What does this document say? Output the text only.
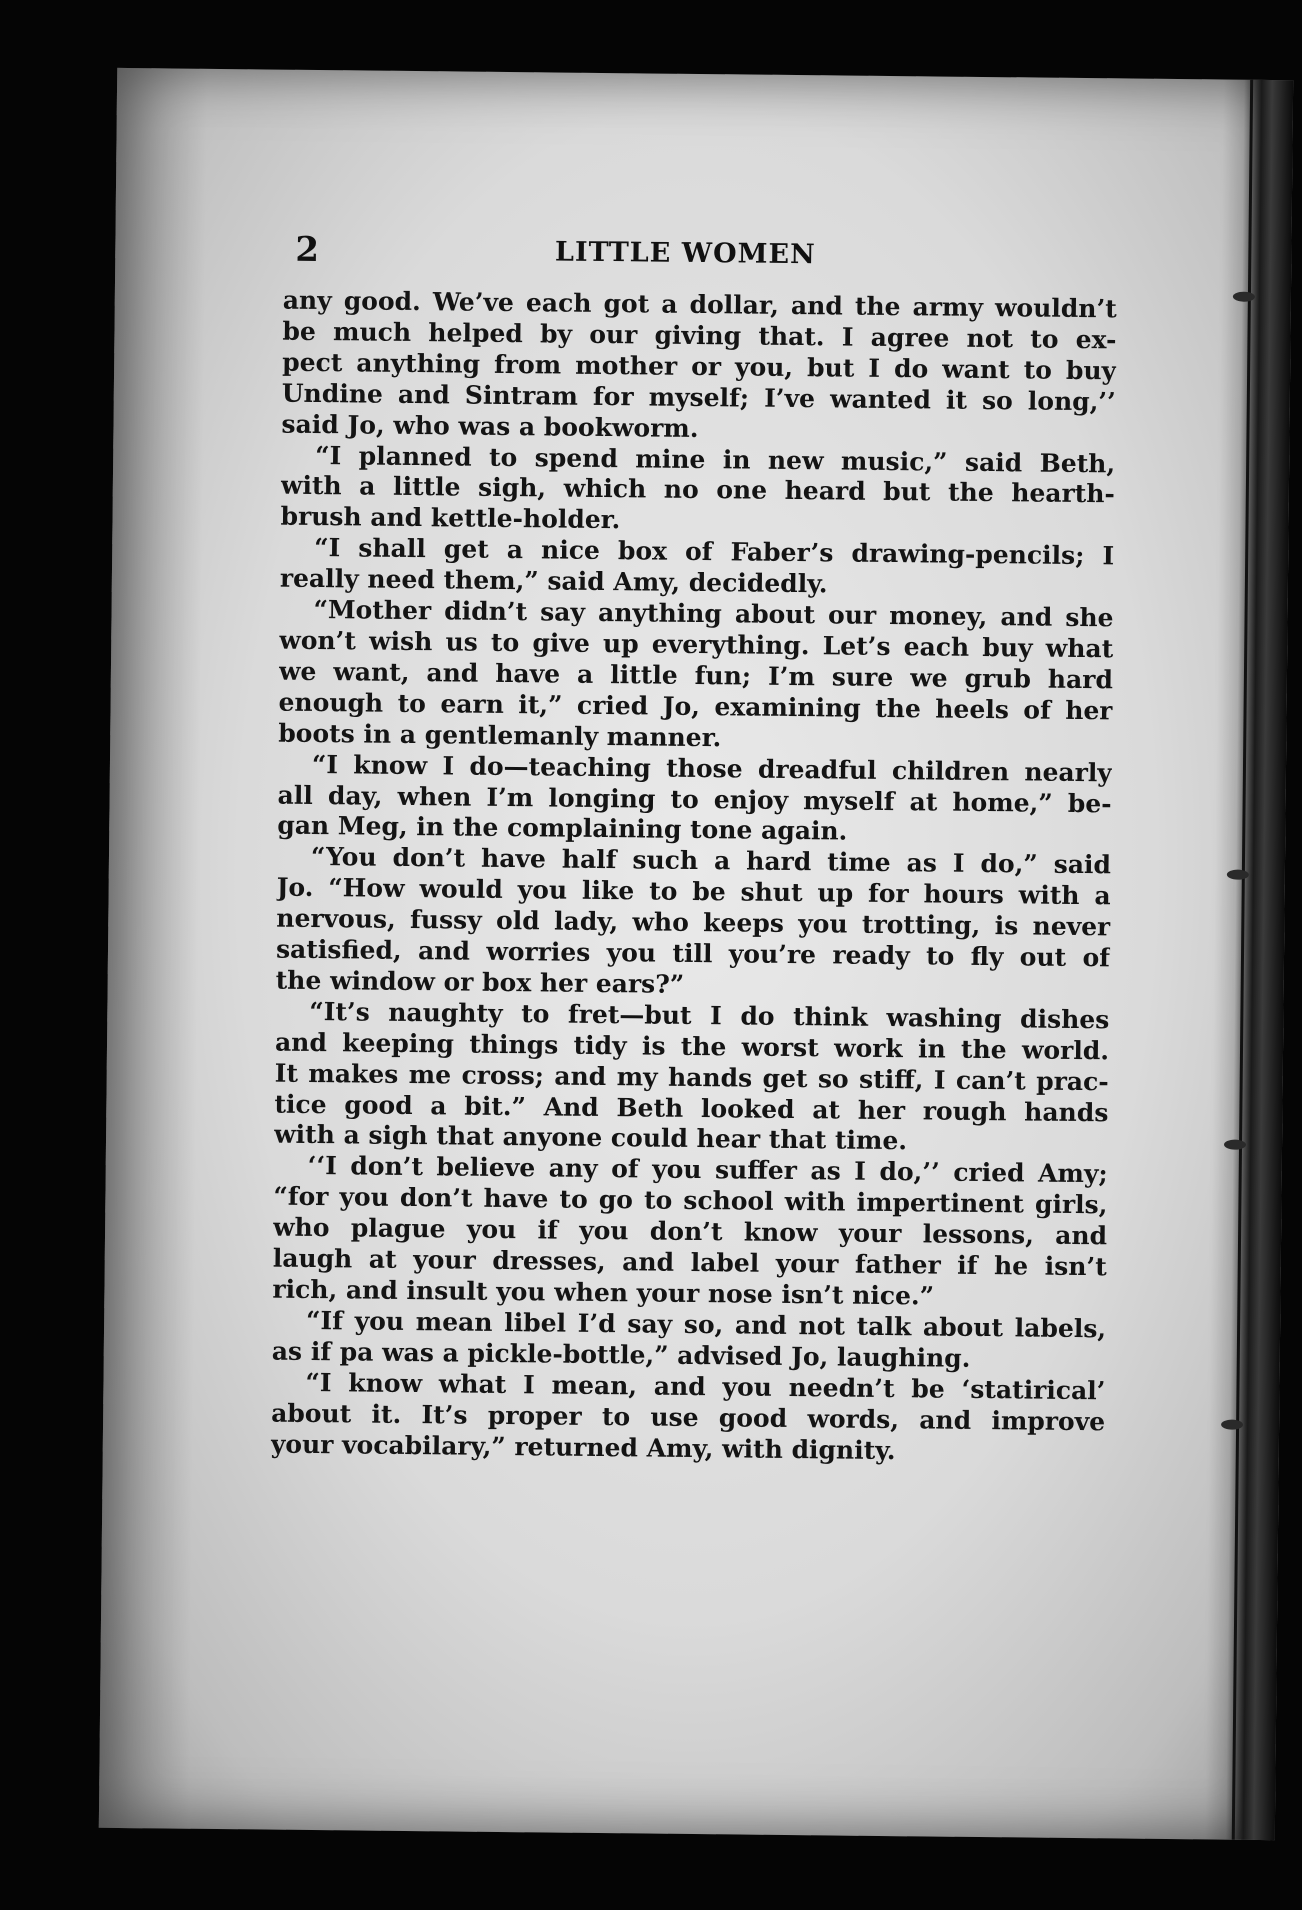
2	LITTLE WOMEN
any good. We’ve each got a dollar, and the army wouldn’t
be much helped by our giving that. I agree not to ex-
pect anything from mother or you, but I do want to buy
Undine and Sintram for myself; I’ve wanted it so long,’’
said Jo, who was a bookworm.
“I planned to spend mine in new music,” said Beth,
with a little sigh, which no one heard but the hearth-
brush and kettle-holder.
“I shall get a nice box of Faber’s drawing-pencils; I
really need them,” said Amy, decidedly.
“Mother didn’t say anything about our money, and she
won’t wish us to give up everything. Let’s each buy what
we want, and have a little fun; I’m sure we grub hard
enough to earn it,” cried Jo, examining the heels of her
boots in a gentlemanly manner.
“I know I do—teaching those dreadful children nearly
all day, when I’m longing to enjoy myself at home,” be-
gan Meg, in the complaining tone again.
“You don’t have half such a hard time as I do,” said
Jo. “How would you like to be shut up for hours with a
nervous, fussy old lady, who keeps you trotting, is never
satisfied, and worries you till you’re ready to fly out of
the window or box her ears?”
“It’s naughty to fret—but I do think washing dishes
and keeping things tidy is the worst work in the world.
It makes me cross; and my hands get so stiff, I can’t prac-
tice good a bit.” And Beth looked at her rough hands
with a sigh that anyone could hear that time.
‘‘I don’t believe any of you suffer as I do,’’ cried Amy;
“for you don’t have to go to school with impertinent girls,
who plague you if you don’t know your lessons, and
laugh at your dresses, and label your father if he isn’t
rich, and insult you when your nose isn’t nice.”
“If you mean libel I’d say so, and not talk about labels,
as if pa was a pickle-bottle,” advised Jo, laughing.
“I know what I mean, and you needn’t be ‘statirical’
about it. It’s proper to use good words, and improve
your vocabilary,” returned Amy, with dignity.
